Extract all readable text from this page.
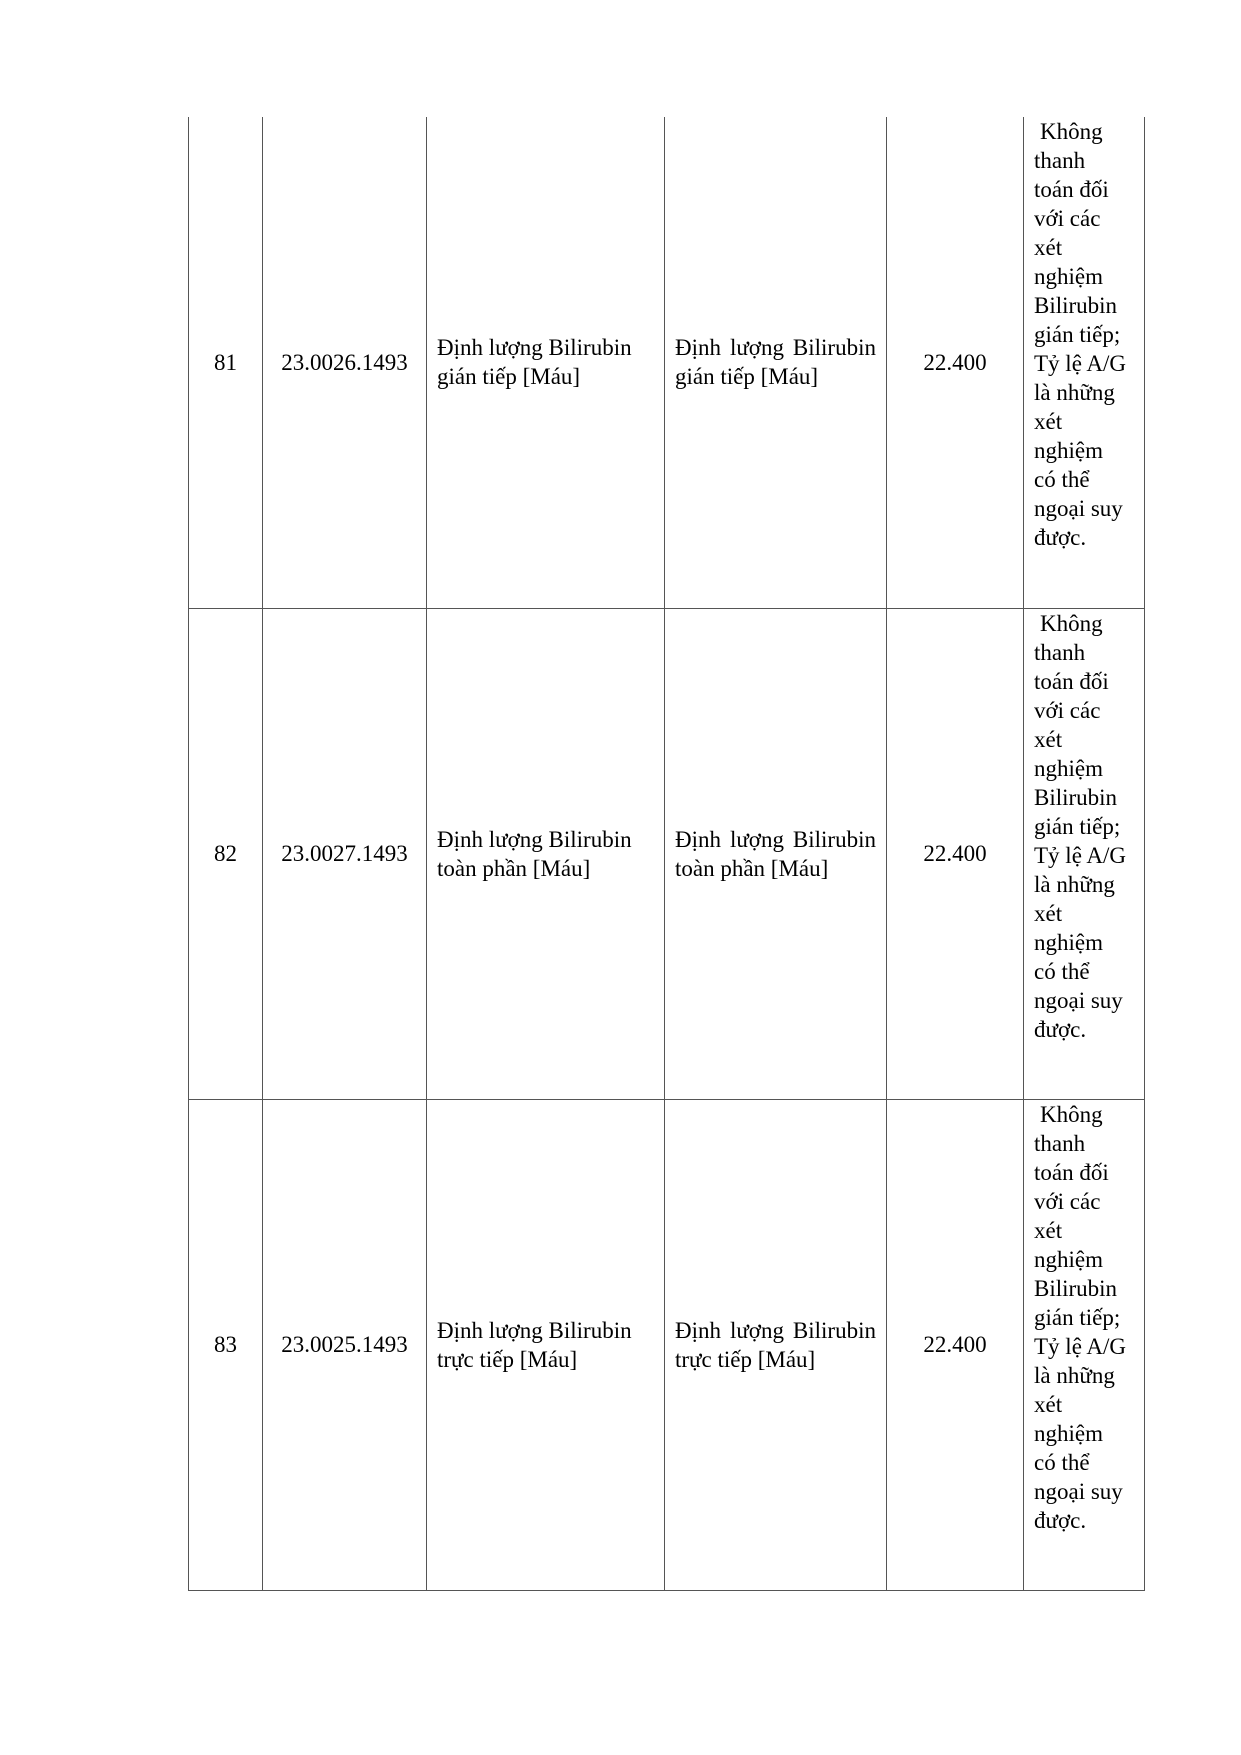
81	23.0026.1493	Định lượng Bilirubin gián tiếp [Máu]	Định lượng Bilirubin gián tiếp [Máu]	22.400	Không thanh toán đối với các xét nghiệm Bilirubin gián tiếp; Tỷ lệ A/G là những xét nghiệm có thể ngoại suy được.

82	23.0027.1493	Định lượng Bilirubin toàn phần [Máu]	Định lượng Bilirubin toàn phần [Máu]	22.400	Không thanh toán đối với các xét nghiệm Bilirubin gián tiếp; Tỷ lệ A/G là những xét nghiệm có thể ngoại suy được.

83	23.0025.1493	Định lượng Bilirubin trực tiếp [Máu]	Định lượng Bilirubin trực tiếp [Máu]	22.400	Không thanh toán đối với các xét nghiệm Bilirubin gián tiếp; Tỷ lệ A/G là những xét nghiệm có thể ngoại suy được.
